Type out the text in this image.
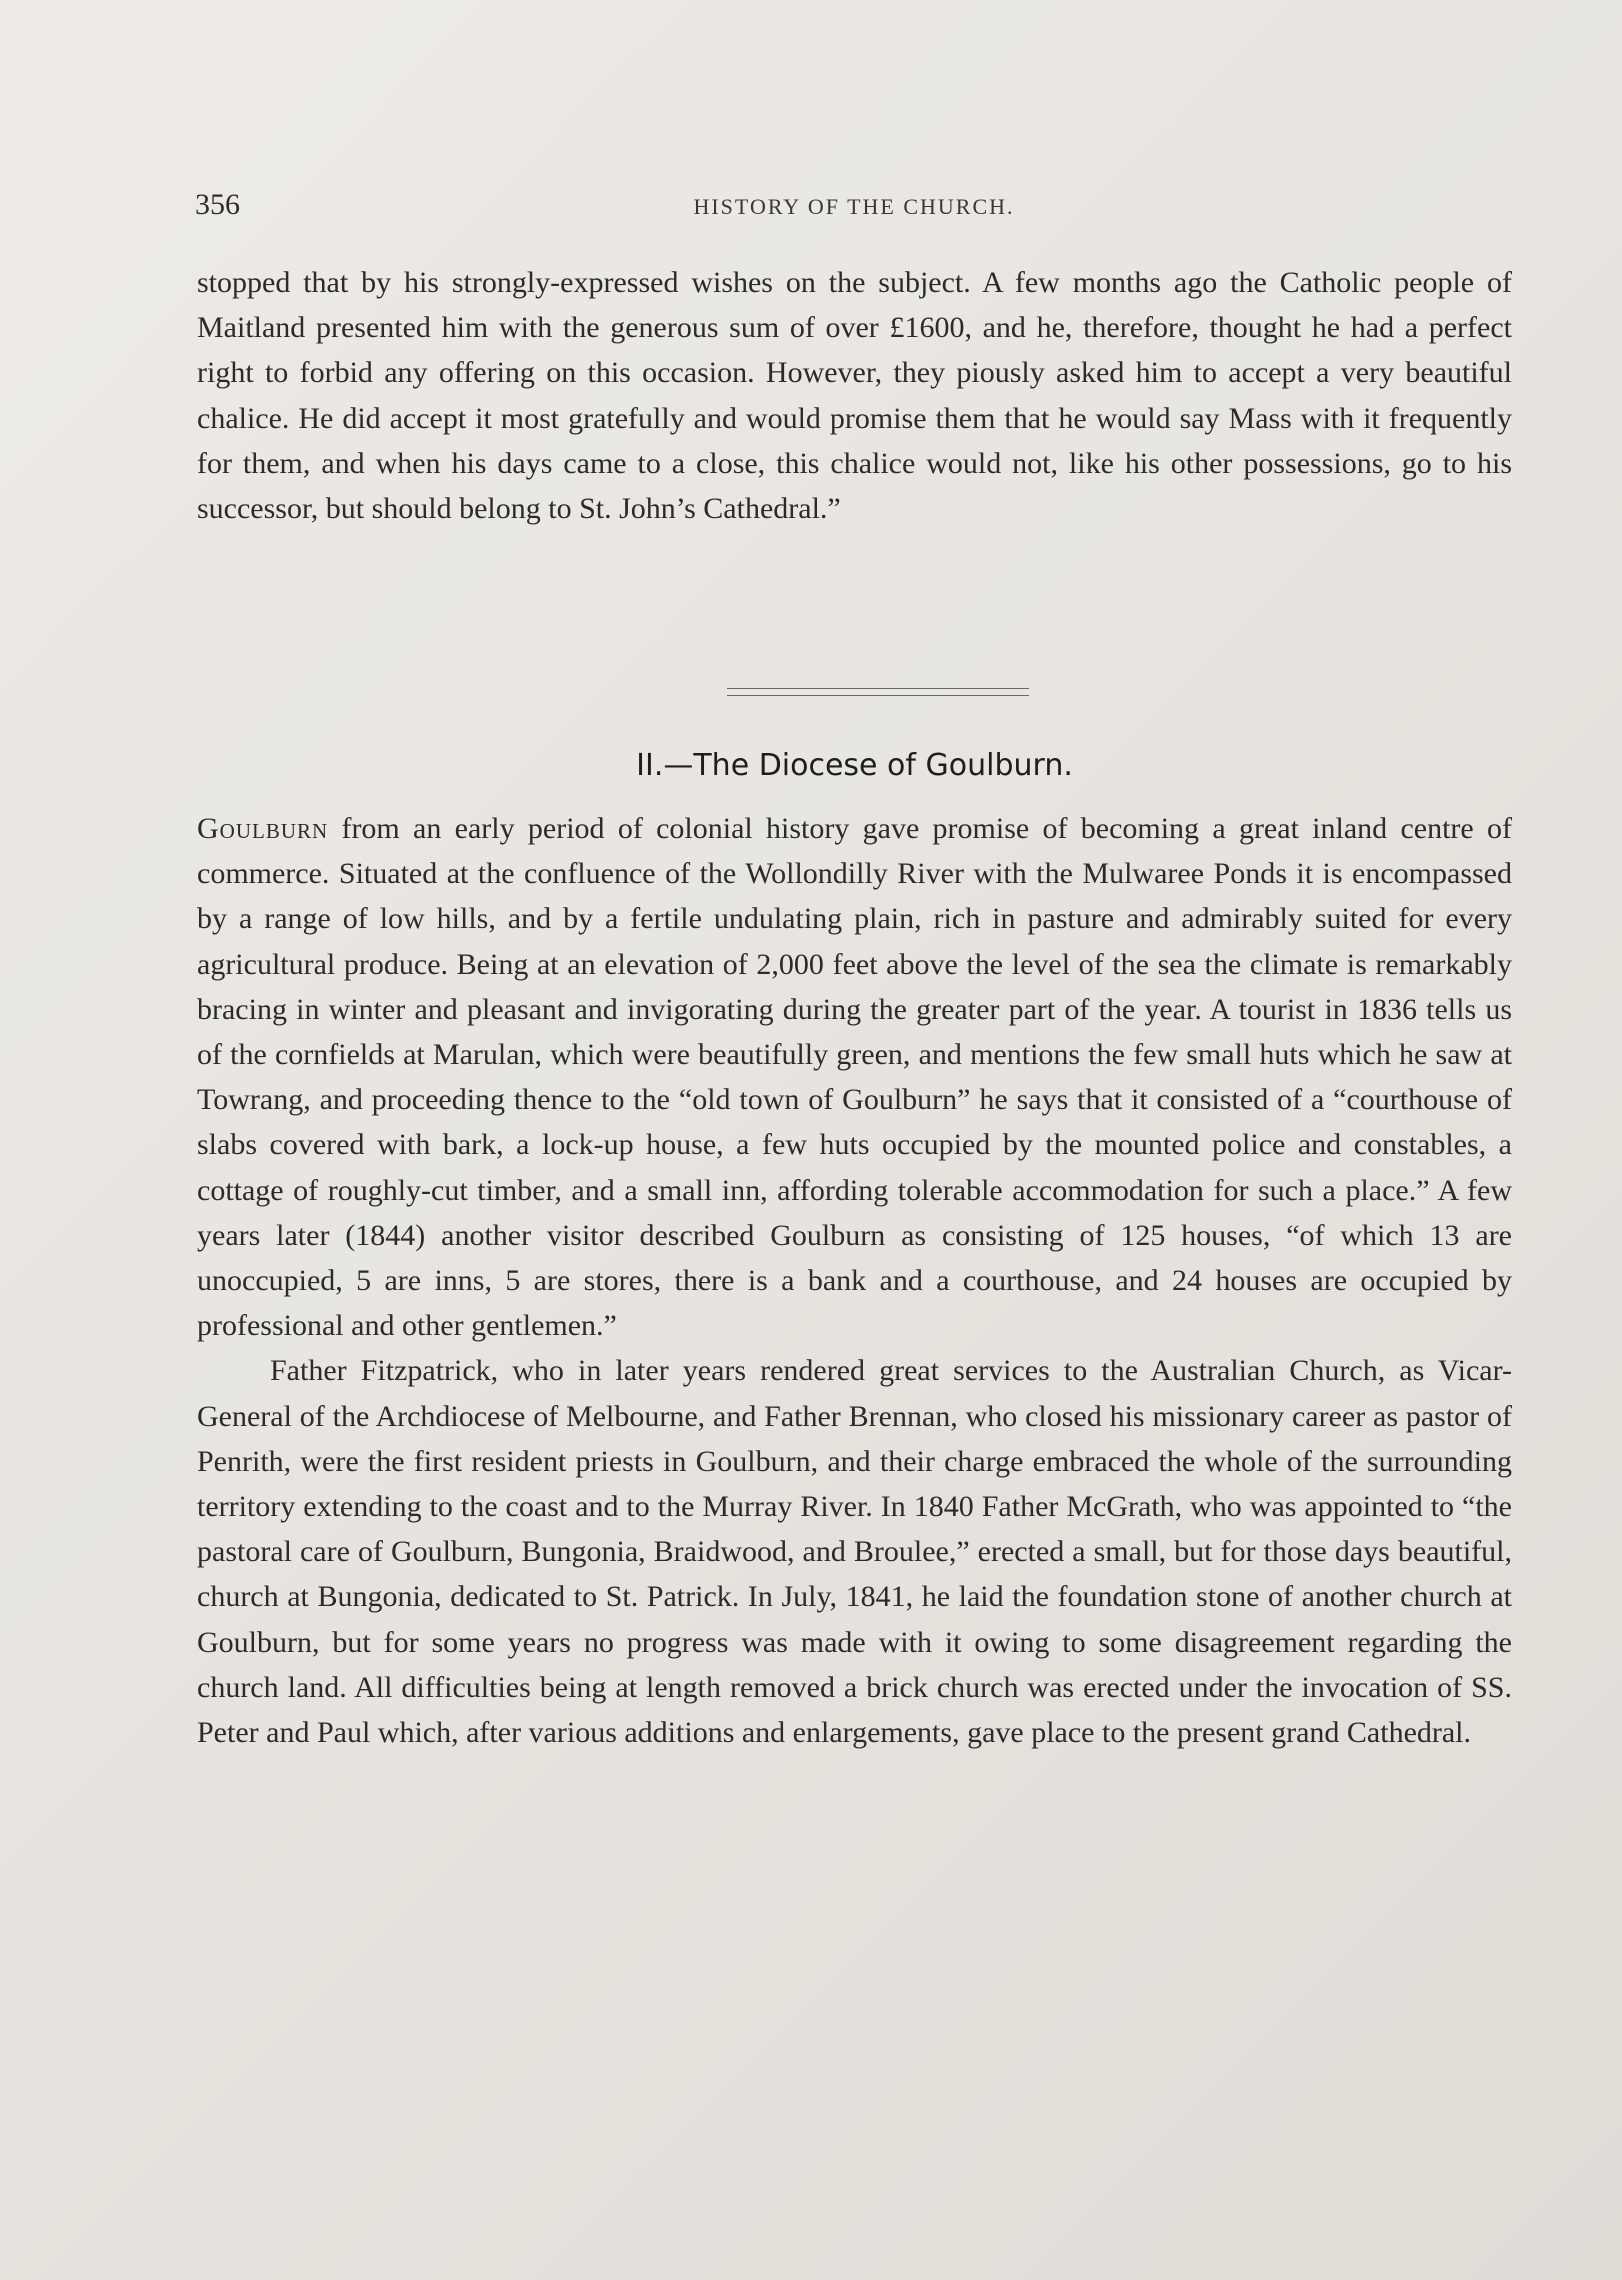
356	HISTORY OF THE CHURCH.

stopped that by his strongly-expressed wishes on the subject. A few months ago the Catholic people of Maitland presented him with the generous sum of over £1600, and he, therefore, thought he had a perfect right to forbid any offering on this occasion. However, they piously asked him to accept a very beautiful chalice. He did accept it most gratefully and would promise them that he would say Mass with it frequently for them, and when his days came to a close, this chalice would not, like his other possessions, go to his successor, but should belong to St. John’s Cathedral.”

II.—The Diocese of Goulburn.

Goulburn from an early period of colonial history gave promise of becoming a great inland centre of commerce. Situated at the confluence of the Wollondilly River with the Mulwaree Ponds it is encompassed by a range of low hills, and by a fertile undulating plain, rich in pasture and admirably suited for every agricultural produce. Being at an elevation of 2,000 feet above the level of the sea the climate is remarkably bracing in winter and pleasant and invigorating during the greater part of the year. A tourist in 1836 tells us of the cornfields at Marulan, which were beautifully green, and mentions the few small huts which he saw at Towrang, and proceeding thence to the “old town of Goulburn” he says that it consisted of a “courthouse of slabs covered with bark, a lock-up house, a few huts occupied by the mounted police and constables, a cottage of roughly-cut timber, and a small inn, affording tolerable accommodation for such a place.” A few years later (1844) another visitor described Goulburn as consisting of 125 houses, “of which 13 are unoccupied, 5 are inns, 5 are stores, there is a bank and a courthouse, and 24 houses are occupied by professional and other gentlemen.”

Father Fitzpatrick, who in later years rendered great services to the Australian Church, as Vicar-General of the Archdiocese of Melbourne, and Father Brennan, who closed his missionary career as pastor of Penrith, were the first resident priests in Goulburn, and their charge embraced the whole of the surrounding territory extending to the coast and to the Murray River. In 1840 Father McGrath, who was appointed to “the pastoral care of Goulburn, Bungonia, Braidwood, and Broulee,” erected a small, but for those days beautiful, church at Bungonia, dedicated to St. Patrick. In July, 1841, he laid the foundation stone of another church at Goulburn, but for some years no progress was made with it owing to some disagreement regarding the church land. All difficulties being at length removed a brick church was erected under the invocation of SS. Peter and Paul which, after various additions and enlargements, gave place to the present grand Cathedral.
